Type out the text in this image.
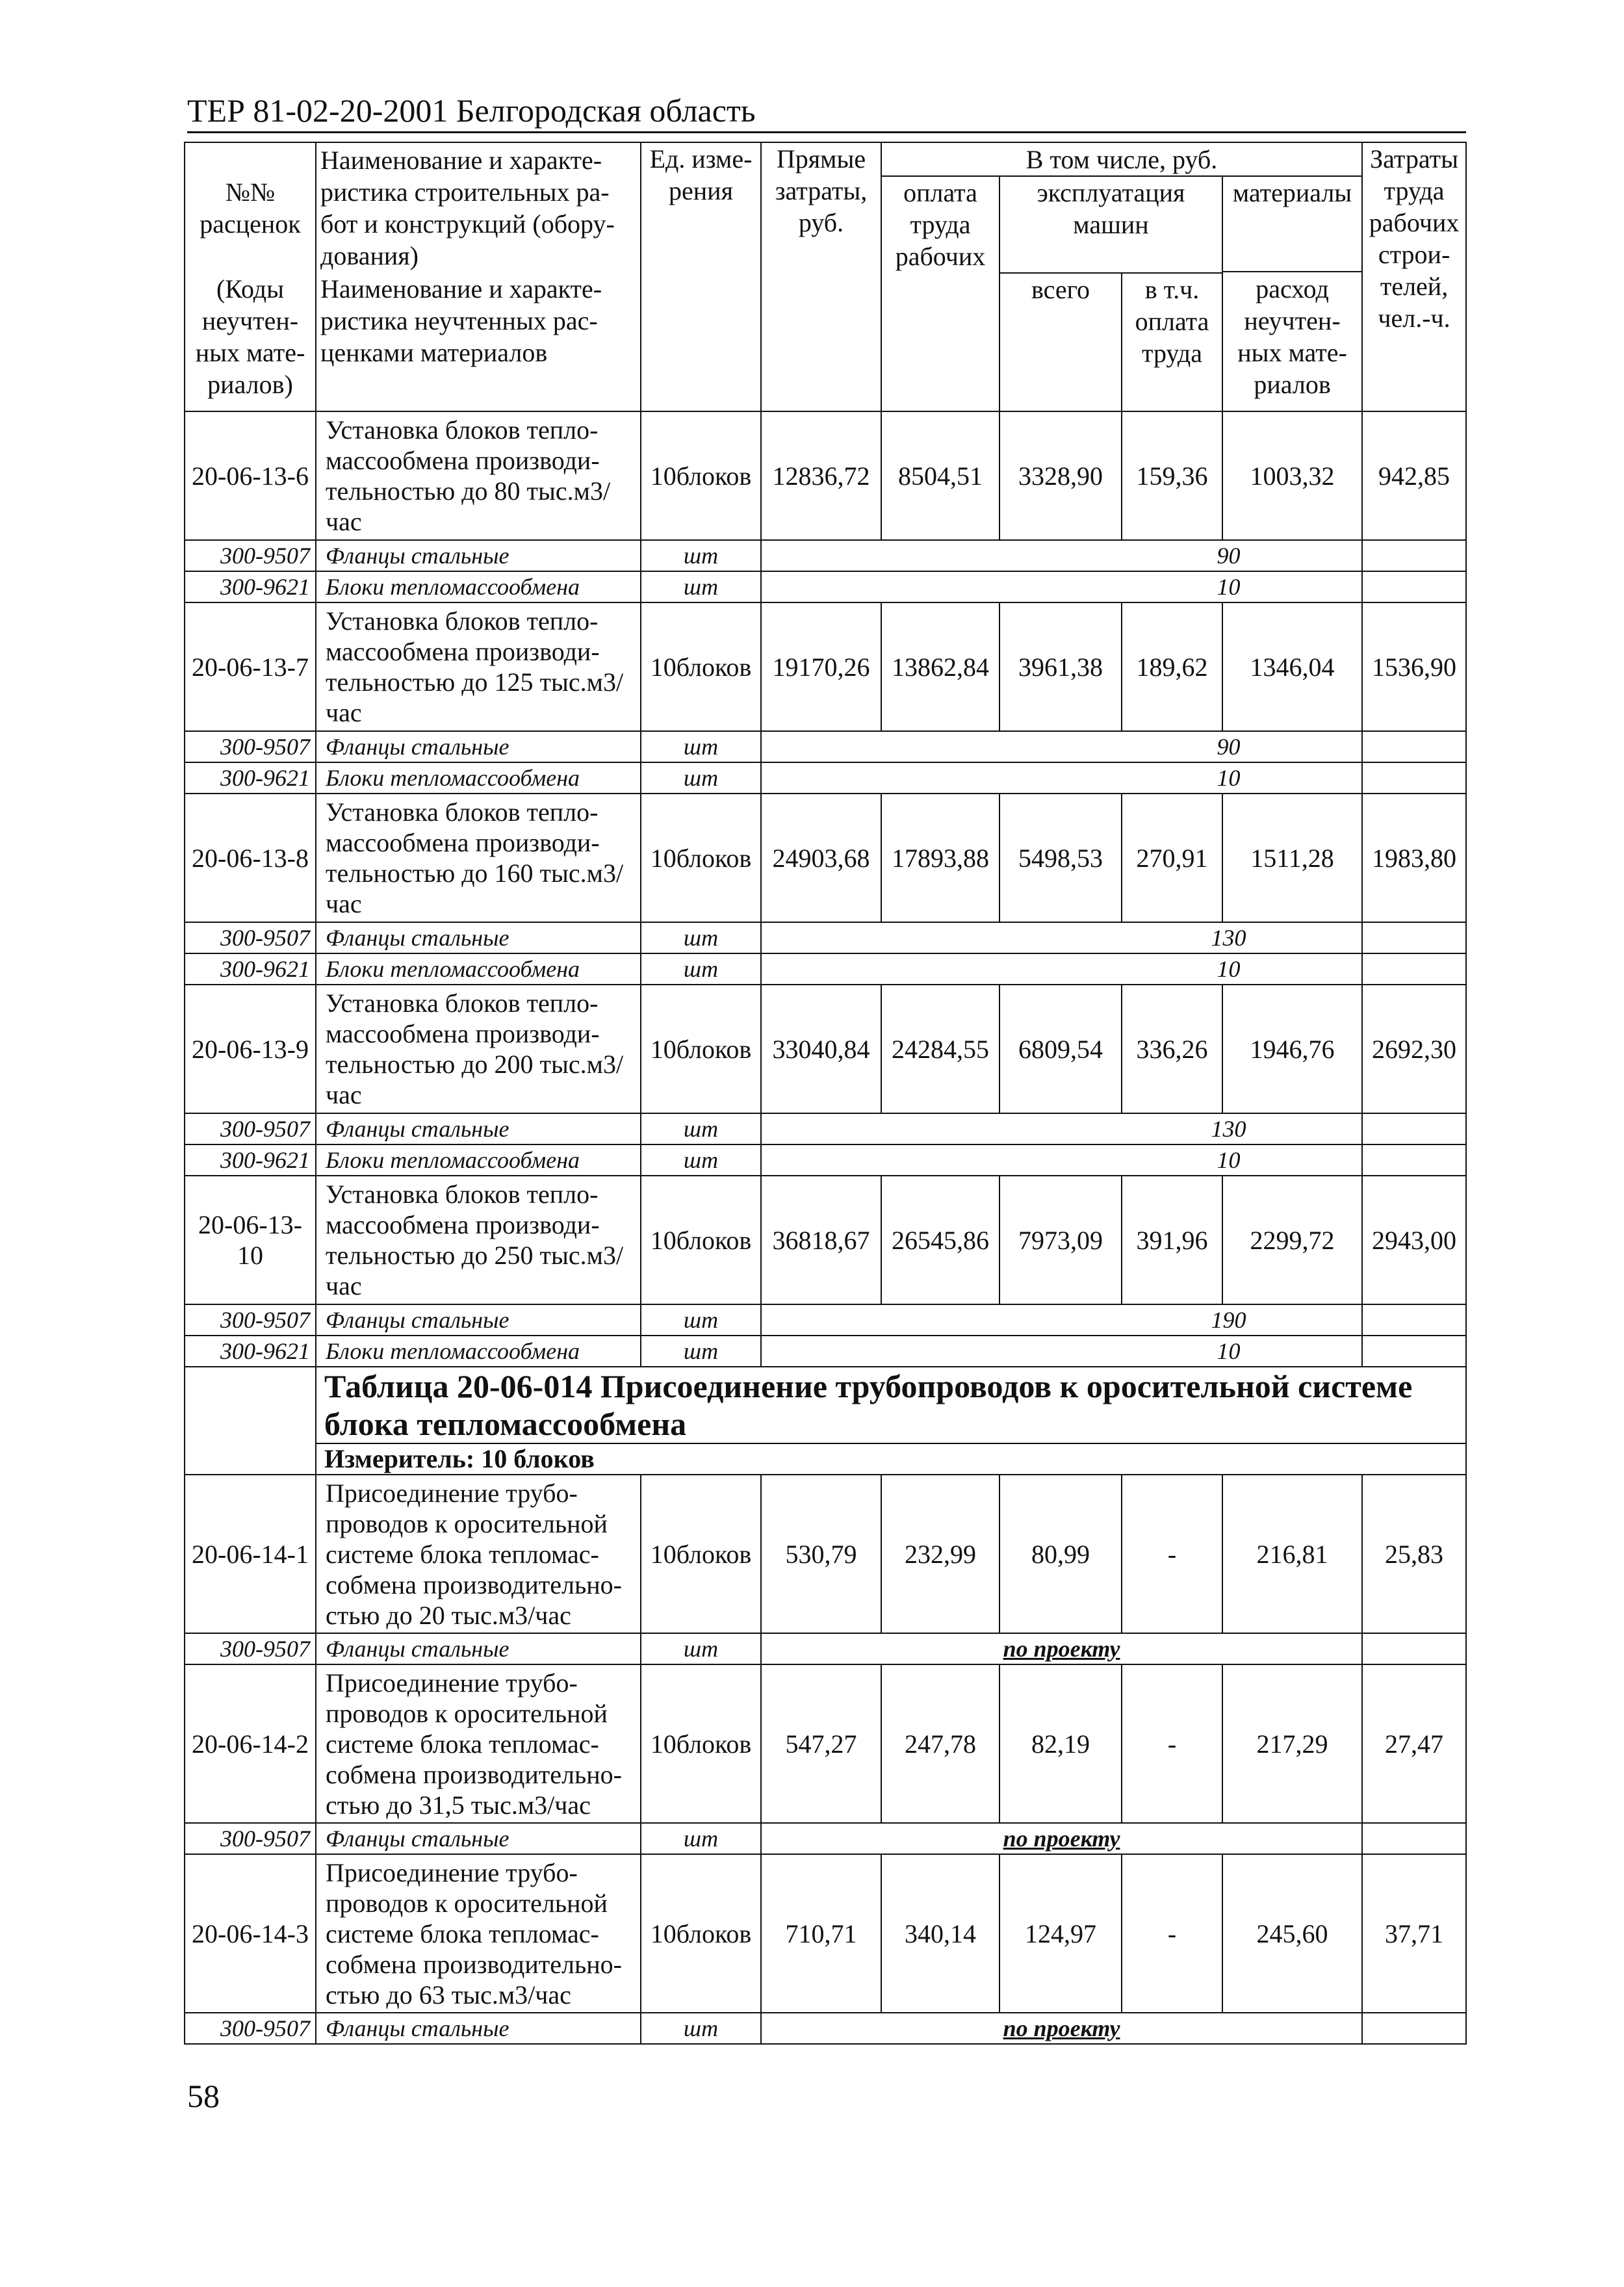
ТЕР 81-02-20-2001 Белгородская область
№№ расценок	Наименование и характе-ристика строительных ра-бот и конструкций (обору-дования)	Ед. изме-рения	Прямые затраты, руб.	В том числе, руб.				Затраты труда рабочих строи-телей, чел.-ч.
				оплата труда рабочих	эксплуатация машин		материалы	

(Коды неучтен-ных мате-риалов)	Наименование и характе-ристика неучтенных рас-ценками материалов				всего	в т.ч. оплата труда	расход неучтен-ных мате-риалов	
20-06-13-6	Установка блоков тепло-массообмена производи-тельностью до 80 тыс.м3/час	10блоков	12836,72	8504,51	3328,90	159,36	1003,32	942,85
300-9507	Фланцы стальные	шт	90					
300-9621	Блоки тепломассообмена	шт	10					
20-06-13-7	Установка блоков тепло-массообмена производи-тельностью до 125 тыс.м3/час	10блоков	19170,26	13862,84	3961,38	189,62	1346,04	1536,90
300-9507	Фланцы стальные	шт	90					
300-9621	Блоки тепломассообмена	шт	10					
20-06-13-8	Установка блоков тепло-массообмена производи-тельностью до 160 тыс.м3/час	10блоков	24903,68	17893,88	5498,53	270,91	1511,28	1983,80
300-9507	Фланцы стальные	шт	130					
300-9621	Блоки тепломассообмена	шт	10					
20-06-13-9	Установка блоков тепло-массообмена производи-тельностью до 200 тыс.м3/час	10блоков	33040,84	24284,55	6809,54	336,26	1946,76	2692,30
300-9507	Фланцы стальные	шт	130					
300-9621	Блоки тепломассообмена	шт	10					
20-06-13-10	Установка блоков тепло-массообмена производи-тельностью до 250 тыс.м3/час	10блоков	36818,67	26545,86	7973,09	391,96	2299,72	2943,00
300-9507	Фланцы стальные	шт	190					
300-9621	Блоки тепломассообмена	шт	10					
	Таблица 20-06-014 Присоединение трубопроводов к оросительной системе блока тепломассообмена							
	Измеритель: 10 блоков							
20-06-14-1	Присоединение трубо-проводов к оросительной системе блока тепломас-собмена производительно-стью до 20 тыс.м3/час	10блоков	530,79	232,99	80,99	-	216,81	25,83
300-9507	Фланцы стальные	шт	по проекту					
20-06-14-2	Присоединение трубо-проводов к оросительной системе блока тепломас-собмена производительно-стью до 31,5 тыс.м3/час	10блоков	547,27	247,78	82,19	-	217,29	27,47
300-9507	Фланцы стальные	шт	по проекту					
20-06-14-3	Присоединение трубо-проводов к оросительной системе блока тепломас-собмена производительно-стью до 63 тыс.м3/час	10блоков	710,71	340,14	124,97	-	245,60	37,71
300-9507	Фланцы стальные	шт	по проекту					
58
